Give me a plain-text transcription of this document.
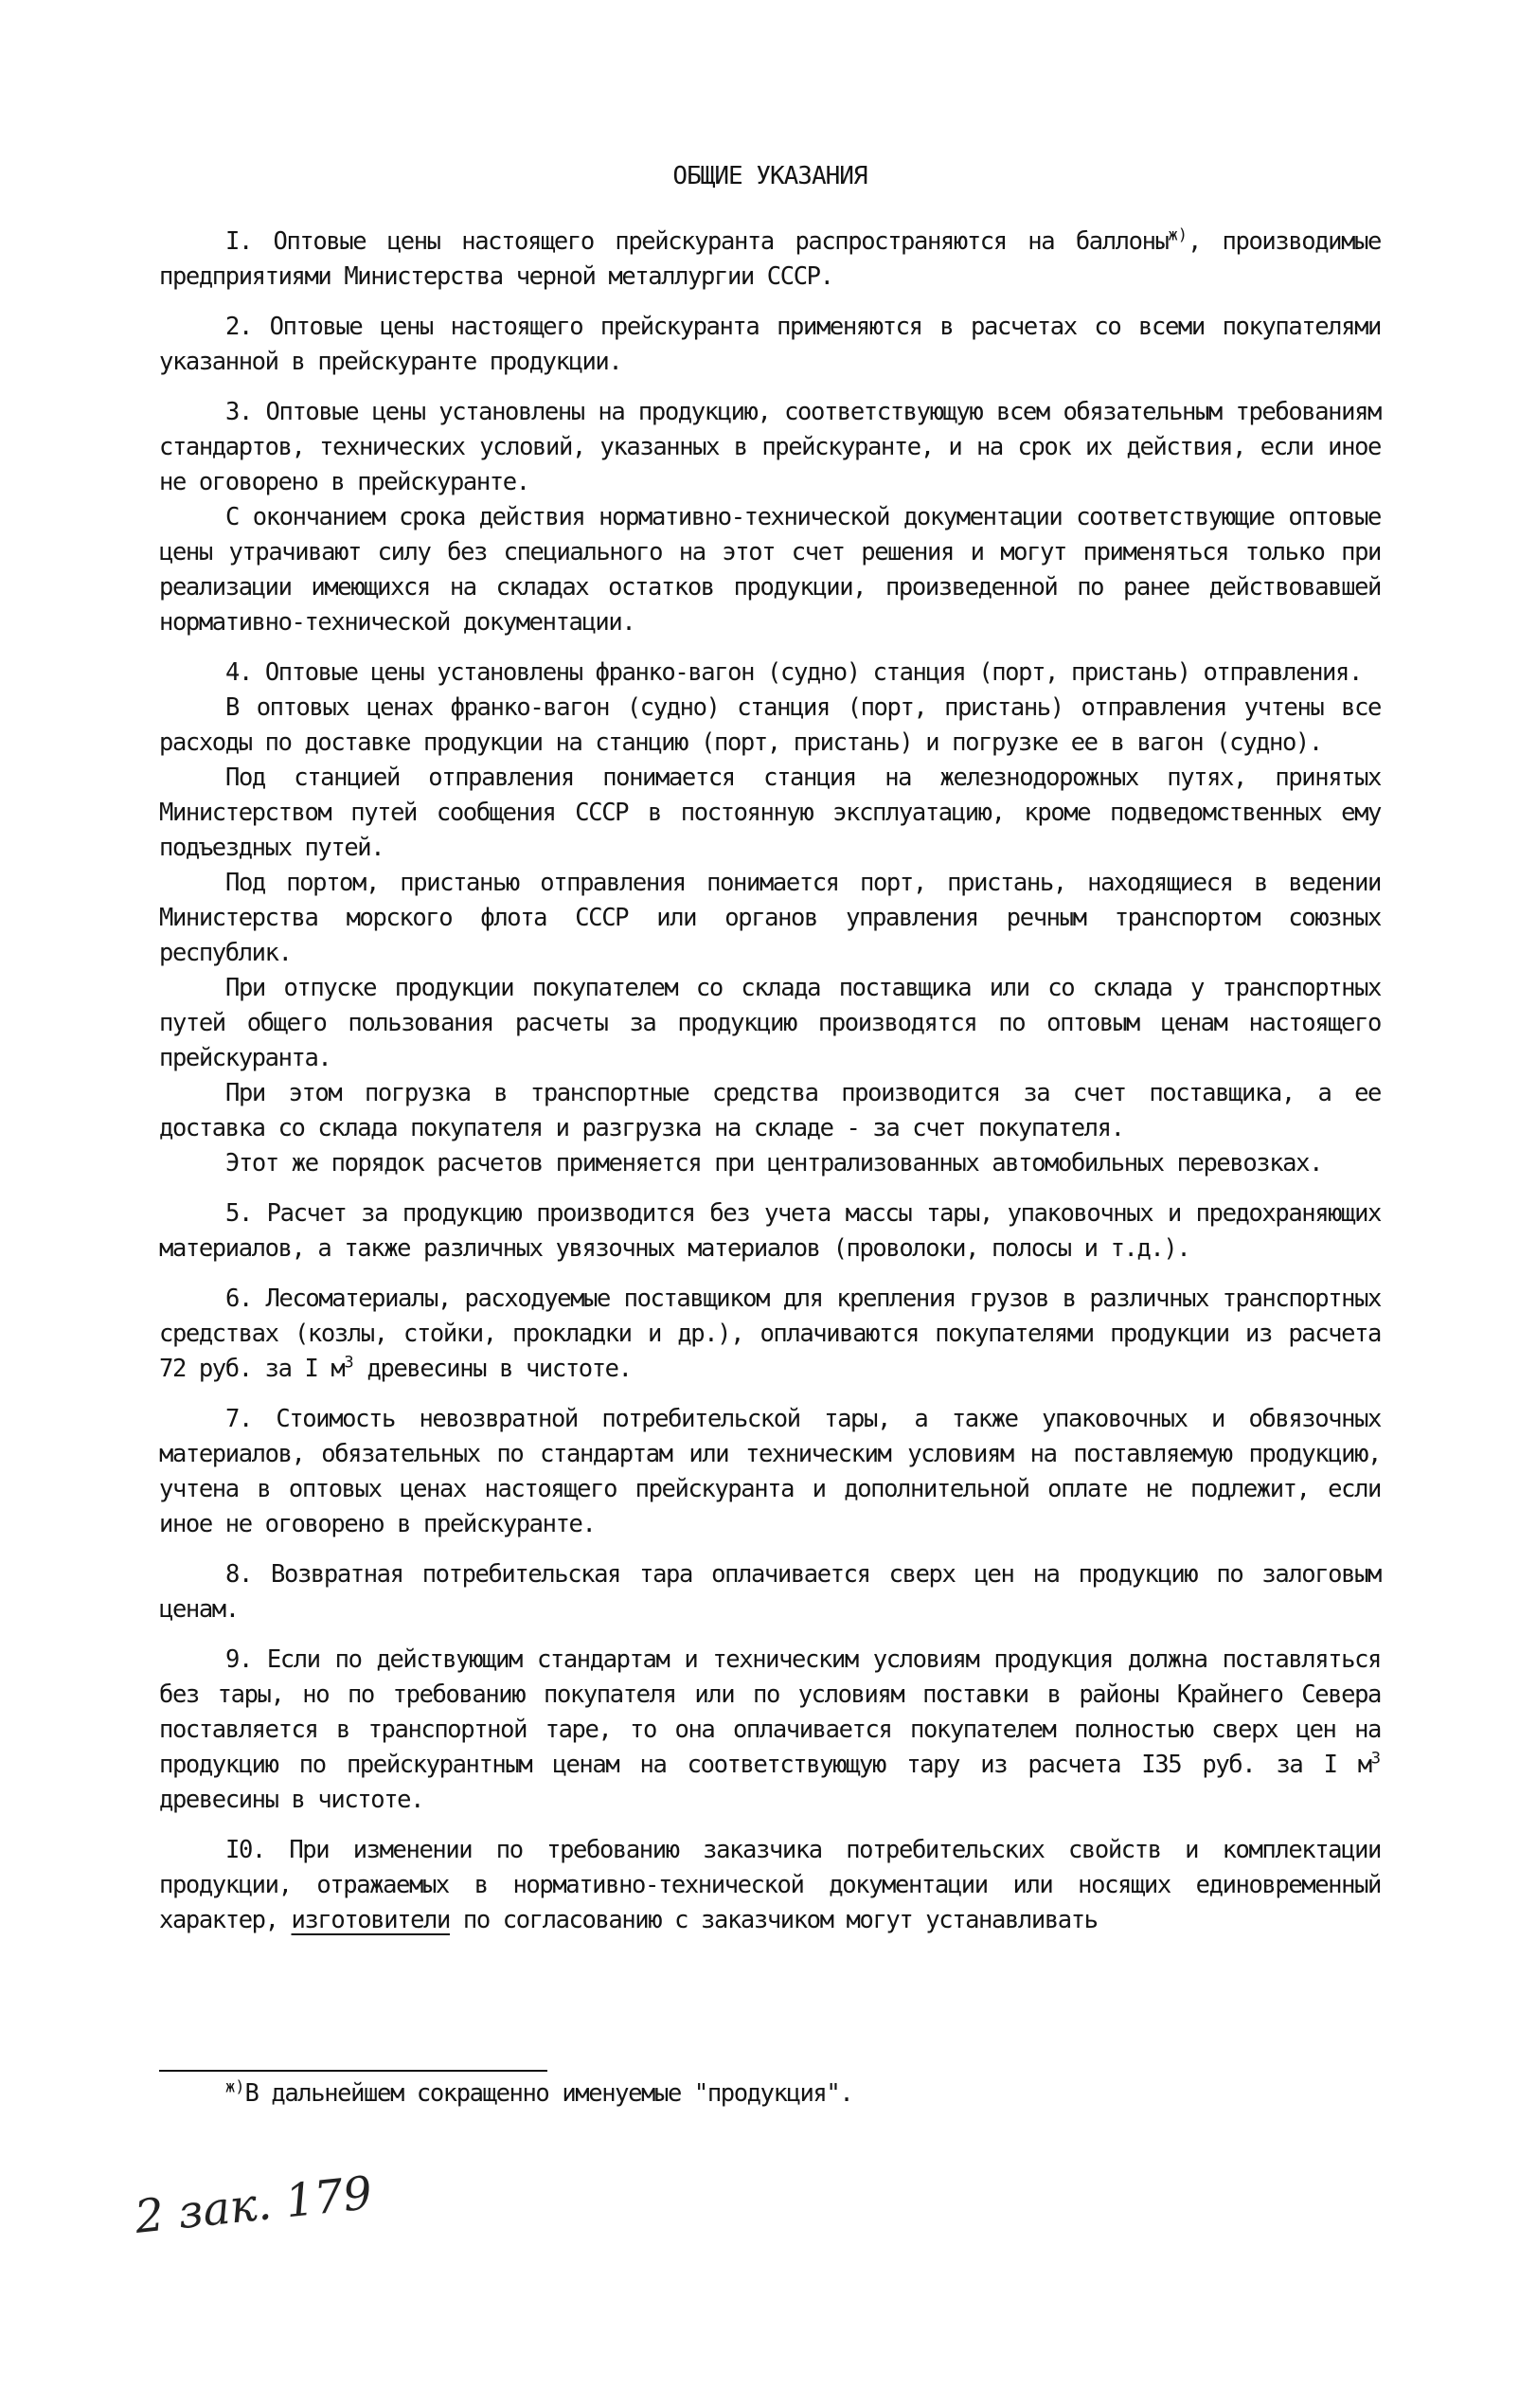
ОБЩИЕ УКАЗАНИЯ

I. Оптовые цены настоящего прейскуранта распространяются на баллоны$^{ж)}$, производимые предприятиями Министерства черной металлургии СССР.

2. Оптовые цены настоящего прейскуранта применяются в расчетах со всеми покупателями указанной в прейскуранте продукции.

3. Оптовые цены установлены на продукцию, соответствующую всем обязательным требованиям стандартов, технических условий, указанных в прейскуранте, и на срок их действия, если иное не оговорено в прейскуранте.

С окончанием срока действия нормативно-технической документации соответствующие оптовые цены утрачивают силу без специального на этот счет решения и могут применяться только при реализации имеющихся на складах остатков продукции, произведенной по ранее действовавшей нормативно-технической документации.

4. Оптовые цены установлены франко-вагон (судно) станция (порт, пристань) отправления.

В оптовых ценах франко-вагон (судно) станция (порт, пристань) отправления учтены все расходы по доставке продукции на станцию (порт, пристань) и погрузке ее в вагон (судно).

Под станцией отправления понимается станция на железнодорожных путях, принятых Министерством путей сообщения СССР в постоянную эксплуатацию, кроме подведомственных ему подъездных путей.

Под портом, пристанью отправления понимается порт, пристань, находящиеся в ведении Министерства морского флота СССР или органов управления речным транспортом союзных республик.

При отпуске продукции покупателем со склада поставщика или со склада у транспортных путей общего пользования расчеты за продукцию производятся по оптовым ценам настоящего прейскуранта.

При этом погрузка в транспортные средства производится за счет поставщика, а ее доставка со склада покупателя и разгрузка на складе - за счет покупателя.

Этот же порядок расчетов применяется при централизованных автомобильных перевозках.

5. Расчет за продукцию производится без учета массы тары, упаковочных и предохраняющих материалов, а также различных увязочных материалов (проволоки, полосы и т.д.).

6. Лесоматериалы, расходуемые поставщиком для крепления грузов в различных транспортных средствах (козлы, стойки, прокладки и др.), оплачиваются покупателями продукции из расчета 72 руб. за I $м^3$ древесины в чистоте.

7. Стоимость невозвратной потребительской тары, а также упаковочных и обвязочных материалов, обязательных по стандартам или техническим условиям на поставляемую продукцию, учтена в оптовых ценах настоящего прейскуранта и дополнительной оплате не подлежит, если иное не оговорено в прейскуранте.

8. Возвратная потребительская тара оплачивается сверх цен на продукцию по залоговым ценам.

9. Если по действующим стандартам и техническим условиям продукция должна поставляться без тары, но по требованию покупателя или по условиям поставки в районы Крайнего Севера поставляется в транспортной таре, то она оплачивается покупателем полностью сверх цен на продукцию по прейскурантным ценам на соответствующую тару из расчета I35 руб. за I $м^3$ древесины в чистоте.

I0. При изменении по требованию заказчика потребительских свойств и комплектации продукции, отражаемых в нормативно-технической документации или носящих единовременный характер, изготовители по согласованию с заказчиком могут устанавливать

$^{ж)}$В дальнейшем сокращенно именуемые "продукция".
2 зак. 179
